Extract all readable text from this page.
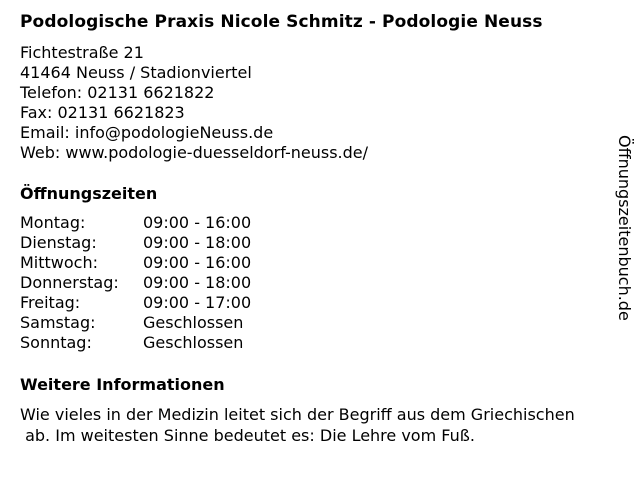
Podologische Praxis Nicole Schmitz - Podologie Neuss
Fichtestraße 21
41464 Neuss / Stadionviertel
Telefon: 02131 6621822
Fax: 02131 6621823
Email: info@podologieNeuss.de
Web: www.podologie-duesseldorf-neuss.de/
Öffnungszeiten
Montag:	09:00 - 16:00
Dienstag:	09:00 - 18:00
Mittwoch:	09:00 - 16:00
Donnerstag: 09:00 - 18:00
Freitag:	09:00 - 17:00
Samstag:	Geschlossen
Sonntag:	Geschlossen
Weitere Informationen
Wie vieles in der Medizin leitet sich der Begriff aus dem Griechischen
ab. Im weitesten Sinne bedeutet es: Die Lehre vom Fuß.
Öffnungszeitenbuch.de
